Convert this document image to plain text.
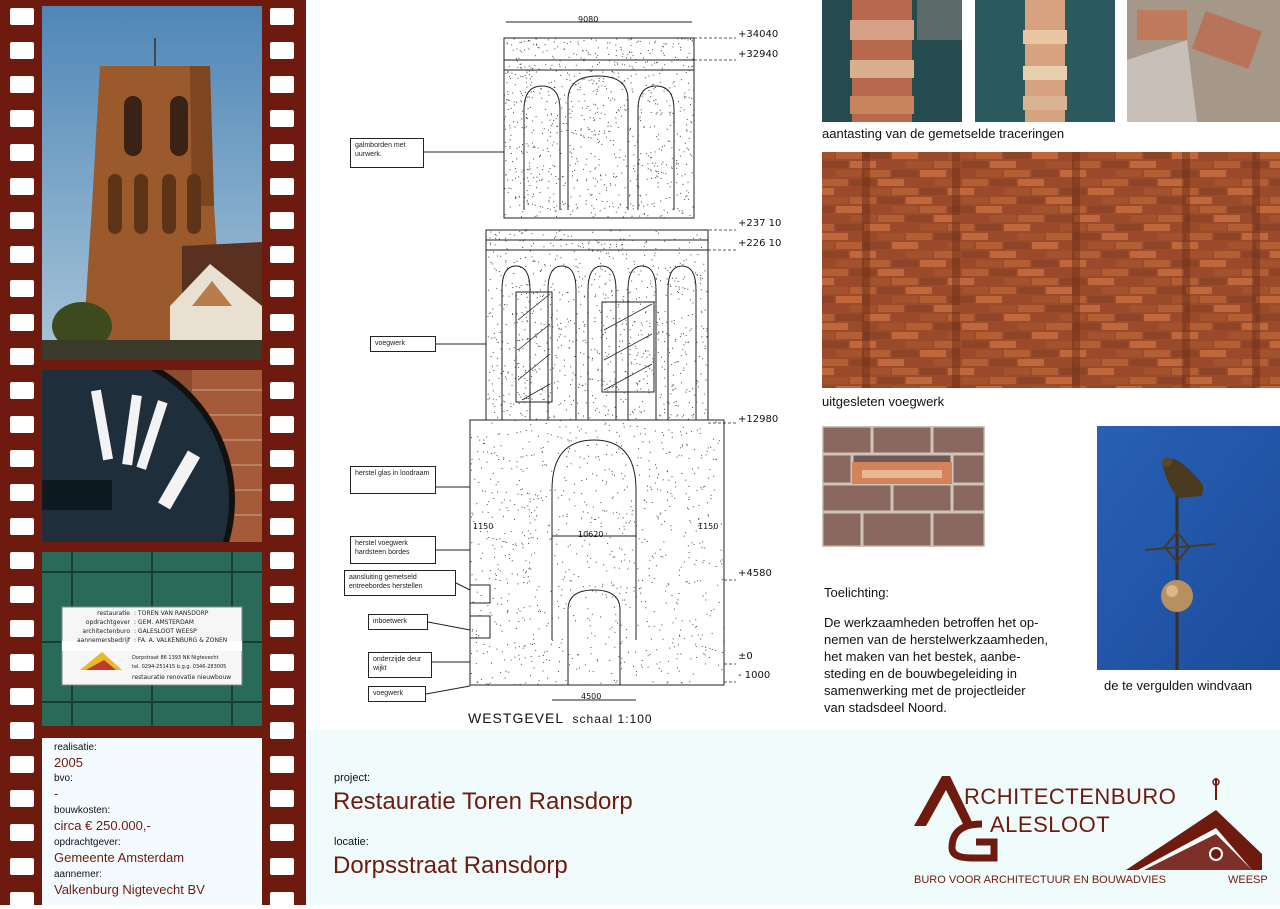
restauratie : TOREN VAN RANSDORP
opdrachtgever : GEM. AMSTERDAM
architectenburo : GALESLOOT WEESP
aannemersbedrijf : FA. A. VALKENBURG & ZONEN
Dorpstraat 86 1393 NK Nigtevecht
tel. 0294-251415 b.g.g. 0346-283005
restauratie renovatie nieuwbouw
realisatie:
2005
bvo:
-
bouwkosten:
circa € 250.000,-
opdrachtgever:
Gemeente Amsterdam
aannemer:
Valkenburg Nigtevecht BV
9080
10620
4500
1150	1150
+34040
+32940
+237 10
+226 10
+12980
+4580
±0
- 1000
galmborden met uurwerk.
voegwerk
herstel glas in loodraam
herstel voegwerk hardsteen bordes
aansluiting gemetseld entreebordes herstellen
inboetwerk
onderzijde deur wijkt
voegwerk
WESTGEVEL schaal 1:100
aantasting van de gemetselde traceringen
uitgesleten voegwerk
de te vergulden windvaan
Toelichting:
De werkzaamheden betroffen het op-
nemen van de herstelwerkzaamheden,
het maken van het bestek, aanbe-
steding en de bouwbegeleiding in
samenwerking met de projectleider
van stadsdeel Noord.
project:
Restauratie Toren Ransdorp
locatie:
Dorpsstraat Ransdorp
RCHITECTENBURO
ALESLOOT
BURO VOOR ARCHITECTUUR EN BOUWADVIES	WEESP
